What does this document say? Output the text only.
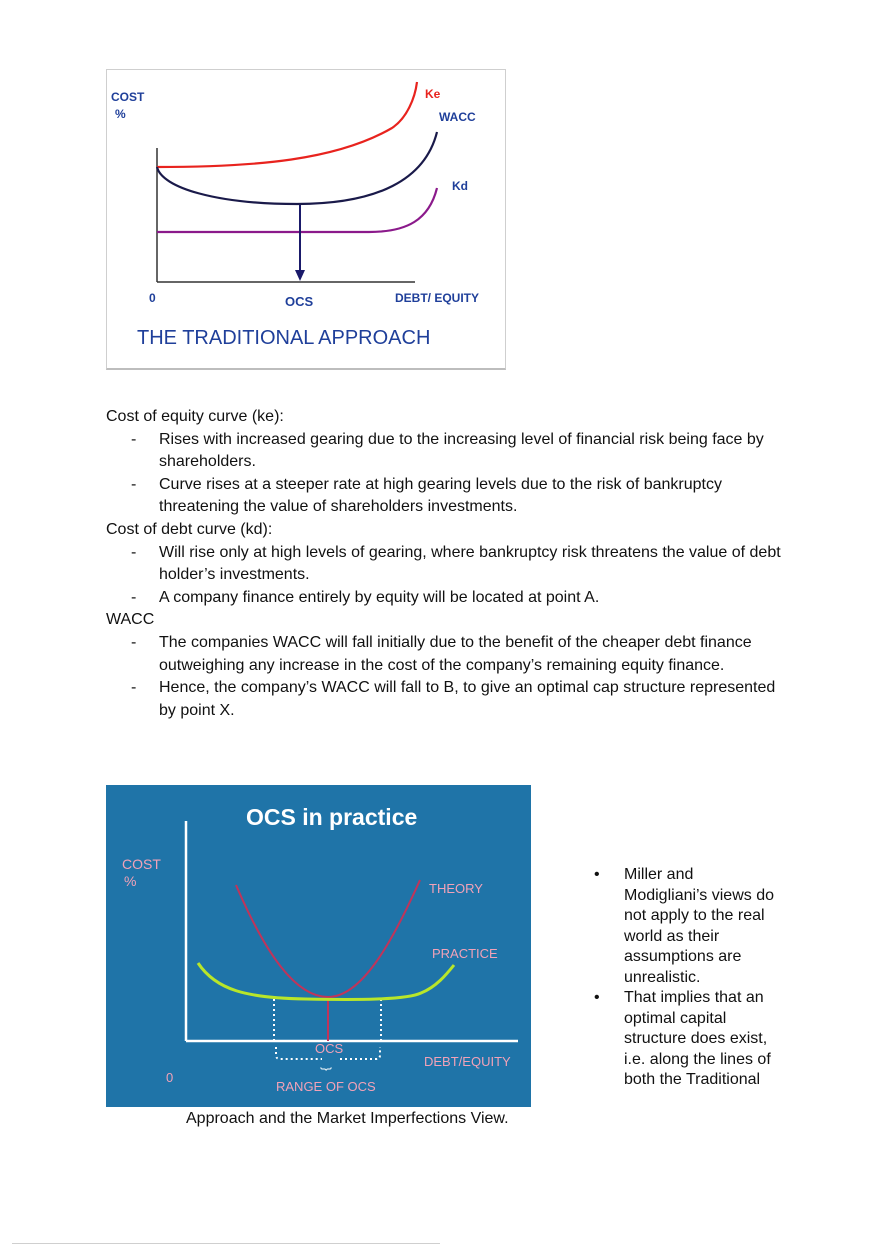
COST
%
Ke
WACC
Kd
0	OCS	DEBT/ EQUITY
THE TRADITIONAL APPROACH

Cost of equity curve (ke):

- Rises with increased gearing due to the increasing level of financial risk being face by shareholders.

- Curve rises at a steeper rate at high gearing levels due to the risk of bankruptcy threatening the value of shareholders investments.

Cost of debt curve (kd):

- Will rise only at high levels of gearing, where bankruptcy risk threatens the value of debt holder’s investments.

- A company finance entirely by equity will be located at point A.

WACC

- The companies WACC will fall initially due to the benefit of the cheaper debt finance outweighing any increase in the cost of the company’s remaining equity finance.

- Hence, the company’s WACC will fall to B, to give an optimal cap structure represented by point X.

OCS in practice
COST
%	THEORY
PRACTICE
OCS
}
RANGE OF OCS
0
DEBT/EQUITY

• Miller and Modigliani’s views do not apply to the real world as their assumptions are unrealistic.

• That implies that an optimal capital structure does exist, i.e. along the lines of both the Traditional

Approach and the Market Imperfections View.
